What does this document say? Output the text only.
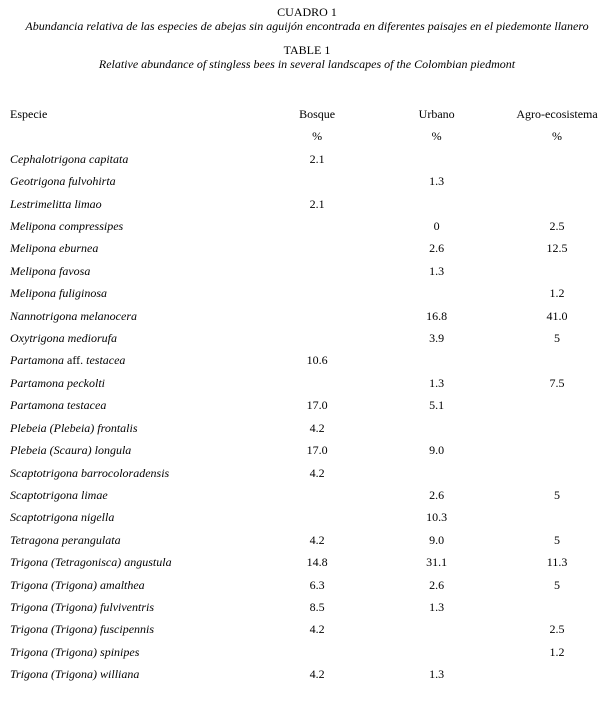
CUADRO 1
Abundancia relativa de las especies de abejas sin aguijón encontrada en diferentes paisajes en el piedemonte llanero
TABLE 1
Relative abundance of stingless bees in several landscapes of the Colombian piedmont
Especie	Bosque	Urbano	Agro-ecosistema
	%	%	%
Cephalotrigona capitata	2.1		
Geotrigona fulvohirta		1.3	
Lestrimelitta limao	2.1		
Melipona compressipes		0	2.5
Melipona eburnea		2.6	12.5
Melipona favosa		1.3	
Melipona fuliginosa			1.2
Nannotrigona melanocera		16.8	41.0
Oxytrigona mediorufa		3.9	5
Partamona aff. testacea	10.6		
Partamona peckolti		1.3	7.5
Partamona testacea	17.0	5.1	
Plebeia (Plebeia) frontalis	4.2		
Plebeia (Scaura) longula	17.0	9.0	
Scaptotrigona barrocoloradensis	4.2		
Scaptotrigona limae		2.6	5
Scaptotrigona nigella		10.3	
Tetragona perangulata	4.2	9.0	5
Trigona (Tetragonisca) angustula	14.8	31.1	11.3
Trigona (Trigona) amalthea	6.3	2.6	5
Trigona (Trigona) fulviventris	8.5	1.3	
Trigona (Trigona) fuscipennis	4.2		2.5
Trigona (Trigona) spinipes			1.2
Trigona (Trigona) williana	4.2	1.3	
